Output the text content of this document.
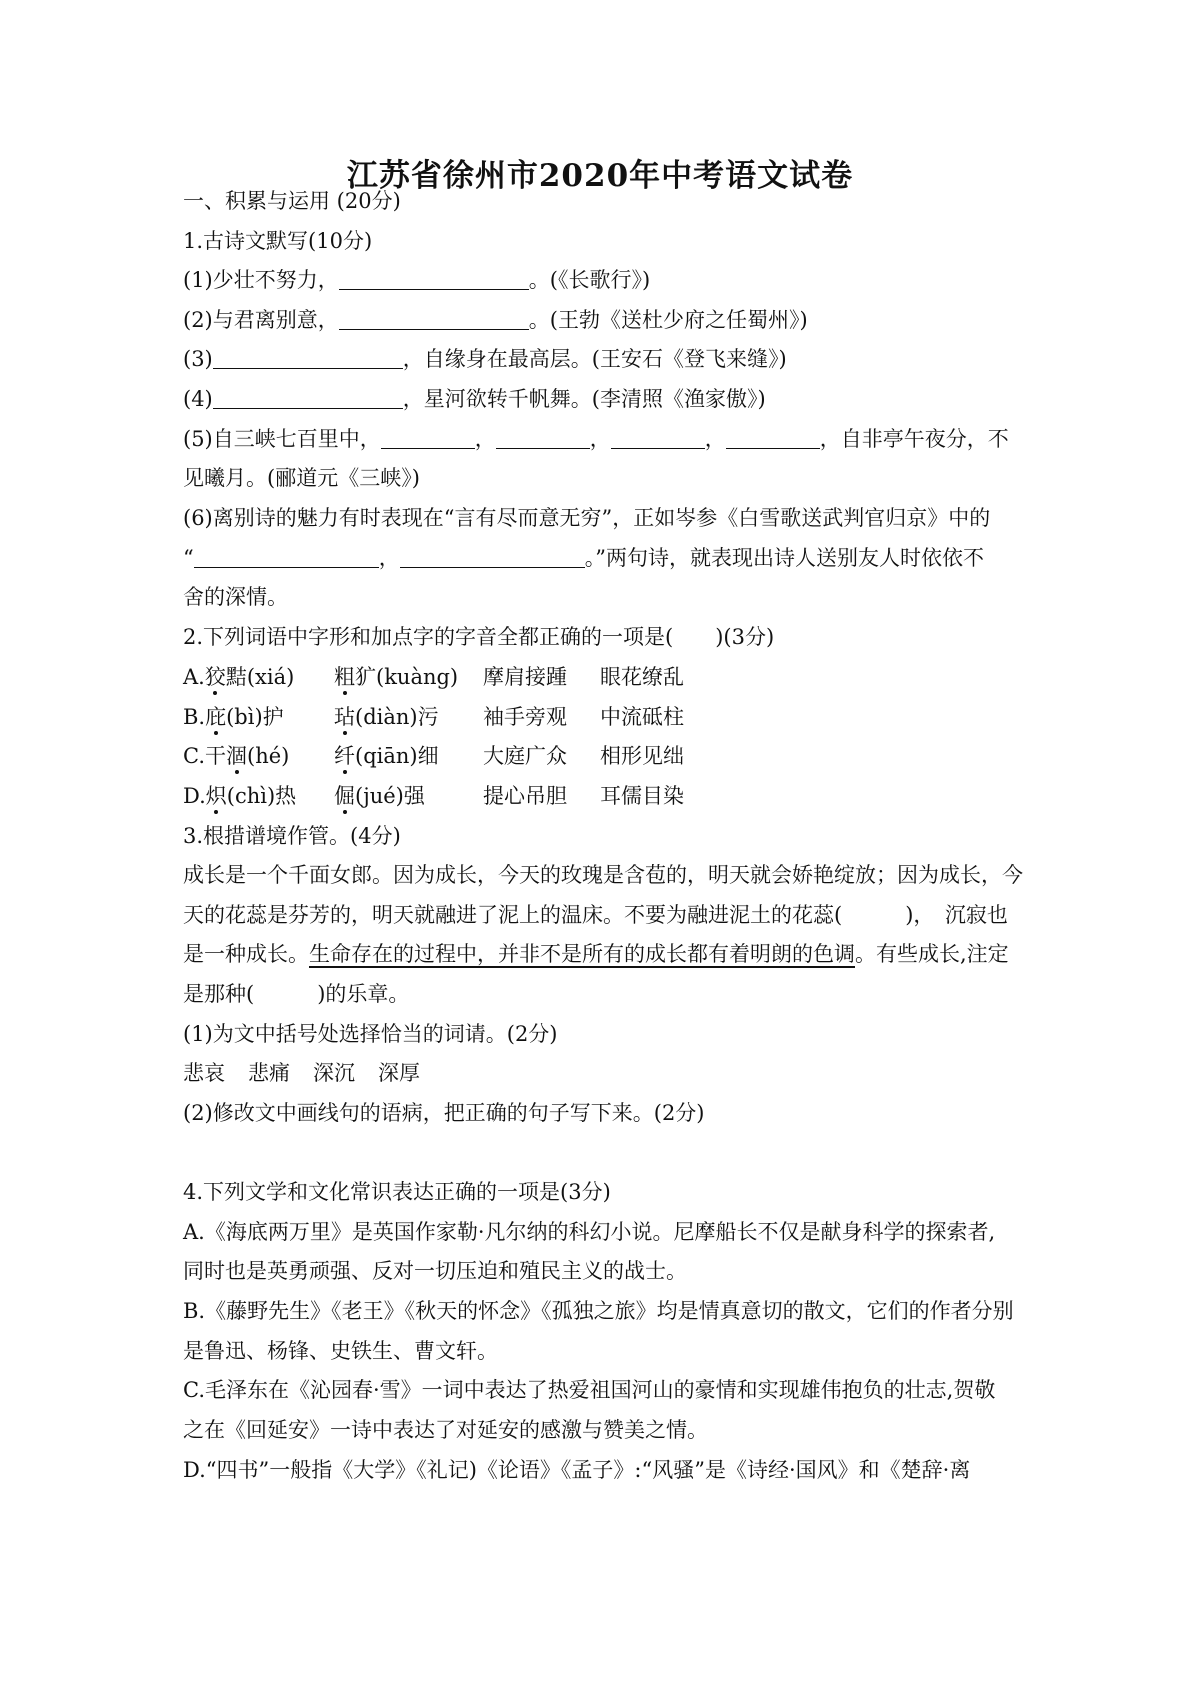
江苏省徐州市2020年中考语文试卷
一、积累与运用 (20分)
1.古诗文默写(10分)
(1)少壮不努力，	。(《长歌行》)
(2)与君离别意，	。(王勃《送杜少府之任蜀州》)
(3)	，自缘身在最高层。(王安石《登飞来缝》)
(4)	，星河欲转千帆舞。(李清照《渔家傲》)
(5)自三峡七百里中，	，	，	，	，自非亭午夜分，不
见曦月。(郦道元《三峡》)
(6)离别诗的魅力有时表现在“言有尽而意无穷”，正如岑参《白雪歌送武判官归京》中的
“	，	。”两句诗，就表现出诗人送别友人时依依不
舍的深情。
2.下列词语中字形和加点字的字音全都正确的一项是(　　)(3分)
A.狡黠(xiá) 粗犷(kuàng) 摩肩接踵 眼花缭乱
B.庇(bì)护 玷(diàn)污 袖手旁观 中流砥柱
C.干涸(hé) 纤(qiān)细 大庭广众 相形见绌
D.炽(chì)热 倔(jué)强	提心吊胆 耳儒目染
3.根措谱境作管。(4分)
成长是一个千面女郎。因为成长，今天的玫瑰是含苞的，明天就会娇艳绽放；因为成长，今
天的花蕊是芬芳的，明天就融进了泥上的温床。不要为融进泥土的花蕊(　　　)，　沉寂也
是一种成长。生命存在的过程中，并非不是所有的成长都有着明朗的色调。有些成长,注定
是那种(　　　)的乐章。
(1)为文中括号处选择恰当的词请。(2分)
悲哀 悲痛 深沉 深厚
(2)修改文中画线句的语病，把正确的句子写下来。(2分)
4.下列文学和文化常识表达正确的一项是(3分)
A.《海底两万里》是英国作家勒·凡尔纳的科幻小说。尼摩船长不仅是献身科学的探索者,
同时也是英勇顽强、反对一切压迫和殖民主义的战士。
B.《藤野先生》《老王》《秋天的怀念》《孤独之旅》均是情真意切的散文，它们的作者分别
是鲁迅、杨锋、史铁生、曹文轩。
C.毛泽东在《沁园春·雪》一词中表达了热爱祖国河山的豪情和实现雄伟抱负的壮志,贺敬
之在《回延安》一诗中表达了对延安的感激与赞美之情。
D.“四书”一般指《大学》《礼记)《论语》《孟子》:“风骚”是《诗经·国风》和《楚辞·离
